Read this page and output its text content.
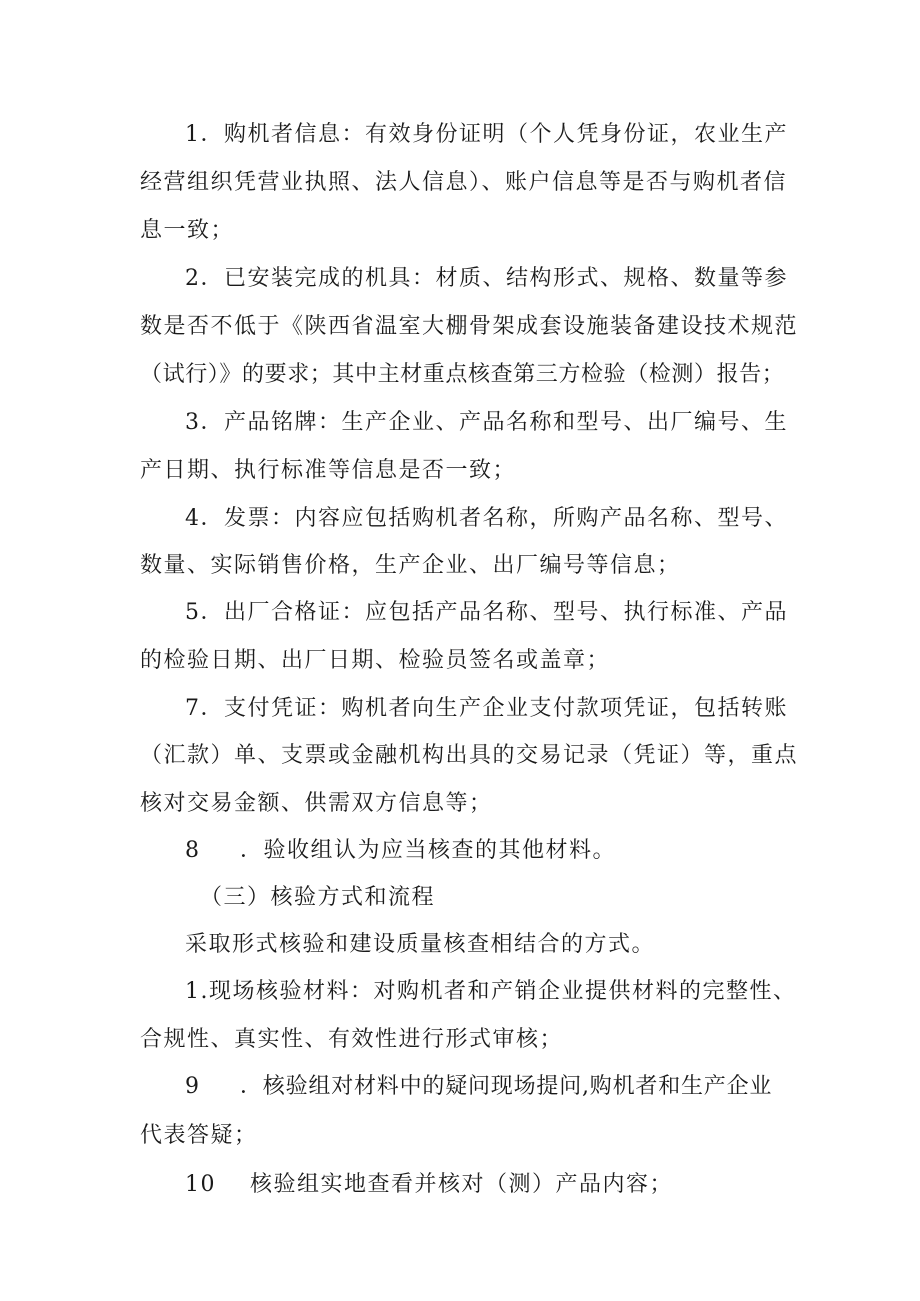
1．购机者信息：有效身份证明（个人凭身份证，农业生产
经营组织凭营业执照、法人信息）、账户信息等是否与购机者信
息一致；
2．已安装完成的机具：材质、结构形式、规格、数量等参
数是否不低于《陕西省温室大棚骨架成套设施装备建设技术规范
（试行）》的要求；其中主材重点核查第三方检验（检测）报告；
3．产品铭牌：生产企业、产品名称和型号、出厂编号、生
产日期、执行标准等信息是否一致；
4．发票：内容应包括购机者名称，所购产品名称、型号、
数量、实际销售价格，生产企业、出厂编号等信息；
5．出厂合格证：应包括产品名称、型号、执行标准、产品
的检验日期、出厂日期、检验员签名或盖章；
7．支付凭证：购机者向生产企业支付款项凭证，包括转账
（汇款）单、支票或金融机构出具的交易记录（凭证）等，重点
核对交易金额、供需双方信息等；
8 ．验收组认为应当核查的其他材料。
（三）核验方式和流程
采取形式核验和建设质量核查相结合的方式。
1.现场核验材料：对购机者和产销企业提供材料的完整性、
合规性、真实性、有效性进行形式审核；
9 ．核验组对材料中的疑问现场提问,购机者和生产企业
代表答疑；
10 核验组实地查看并核对（测）产品内容；
